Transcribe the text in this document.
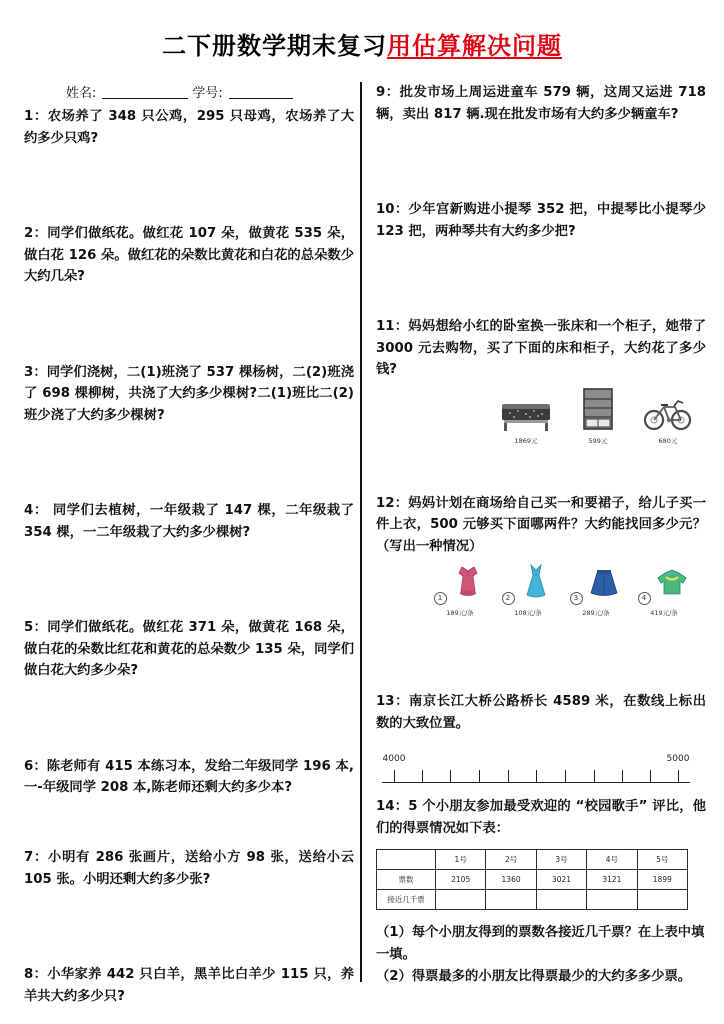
二下册数学期末复习用估算解决问题
姓名:	学号:
1：农场养了 348 只公鸡，295 只母鸡，农场养了大约多少只鸡?
2：同学们做纸花。做红花 107 朵，做黄花 535 朵，做白花 126 朵。做红花的朵数比黄花和白花的总朵数少大约几朵?
3：同学们浇树，二(1)班浇了 537 棵杨树，二(2)班浇了 698 棵柳树，共浇了大约多少棵树?二(1)班比二(2)班少浇了大约多少棵树?
4： 同学们去植树，一年级栽了 147 棵，二年级栽了 354 棵，一二年级栽了大约多少棵树?
5：同学们做纸花。做红花 371 朵，做黄花 168 朵，做白花的朵数比红花和黄花的总朵数少 135 朵，同学们做白花大约多少朵?
6：陈老师有 415 本练习本，发给二年级同学 196 本,一-年级同学 208 本,陈老师还剩大约多少本?
7：小明有 286 张画片，送给小方 98 张，送给小云 105 张。小明还剩大约多少张?
8：小华家养 442 只白羊，黑羊比白羊少 115 只，养羊共大约多少只?
9：批发市场上周运进童车 579 辆，这周又运进 718 辆，卖出 817 辆.现在批发市场有大约多少辆童车?
10：少年宫新购进小提琴 352 把，中提琴比小提琴少 123 把，两种琴共有大约多少把?
11：妈妈想给小红的卧室换一张床和一个柜子，她带了 3000 元去购物，买了下面的床和柜子，大约花了多少钱?
1869元	599元	680元
12：妈妈计划在商场给自己买一和要裙子，给儿子买一件上衣，500 元够买下面哪两件？大约能找回多少元？（写出一种情况）
1
189元/条
2
108元/条
3
289元/条
4
419元/条
13：南京长江大桥公路桥长 4589 米，在数线上标出数的大致位置。
4000	5000
14：5 个小朋友参加最受欢迎的 “校园歌手” 评比，他们的得票情况如下表：
	1号	2号	3号	4号	5号
票数	2105	1360	3021	3121	1899
接近几千票					
（1）每个小朋友得到的票数各接近几千票？在上表中填一填。
（2）得票最多的小朋友比得票最少的大约多多少票。
